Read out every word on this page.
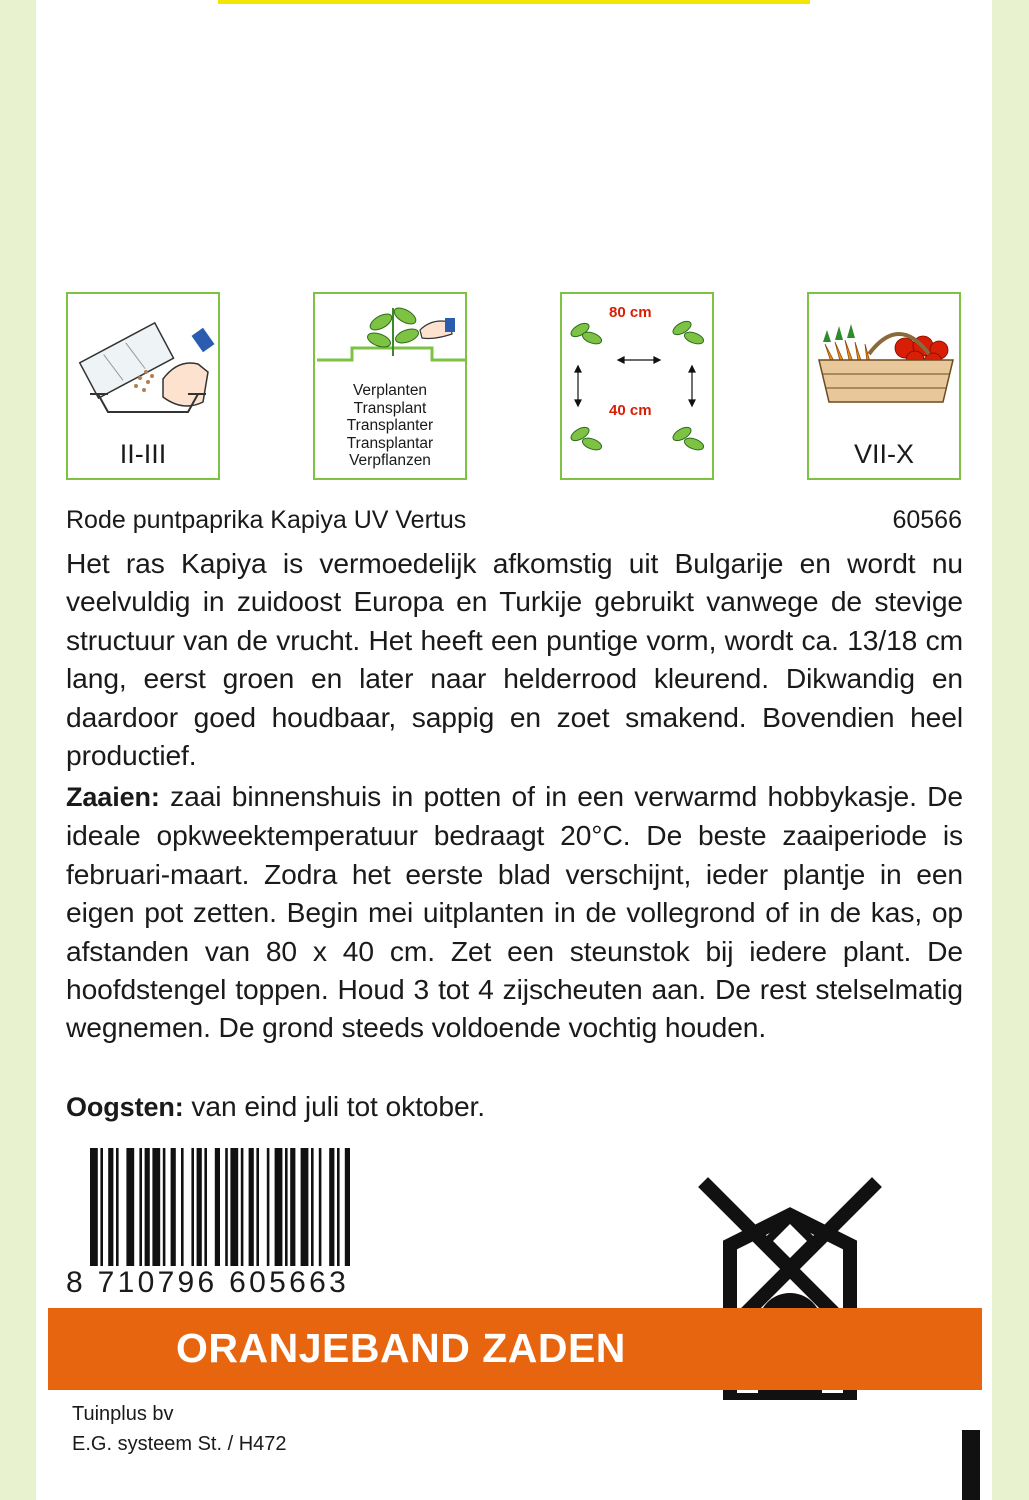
II-III
Verplanten
Transplant
Transplanter
Transplantar
Verpflanzen
80 cm
40 cm
VII-X
Rode puntpaprika Kapiya UV Vertus	60566
Het ras Kapiya is vermoedelijk afkomstig uit Bulgarije en wordt nu veelvuldig in zuidoost Europa en Turkije gebruikt vanwege de stevige structuur van de vrucht. Het heeft een puntige vorm, wordt ca. 13/18 cm lang, eerst groen en later naar helderrood kleurend. Dikwandig en daardoor goed houdbaar, sappig en zoet smakend. Bovendien heel productief.
Zaaien: zaai binnenshuis in potten of in een verwarmd hobbykasje. De ideale opkweektemperatuur bedraagt 20°C. De beste zaaiperiode is februari-maart. Zodra het eerste blad verschijnt, ieder plantje in een eigen pot zetten. Begin mei uitplanten in de vollegrond of in de kas, op afstanden van 80 x 40 cm. Zet een steunstok bij iedere plant. De hoofdstengel toppen. Houd 3 tot 4 zijscheuten aan. De rest stelselmatig wegnemen. De grond steeds voldoende vochtig houden.
Oogsten: van eind juli tot oktober.
8 710796 605663
ORANJEBAND ZADEN
Tuinplus bv
E.G. systeem St. / H472
